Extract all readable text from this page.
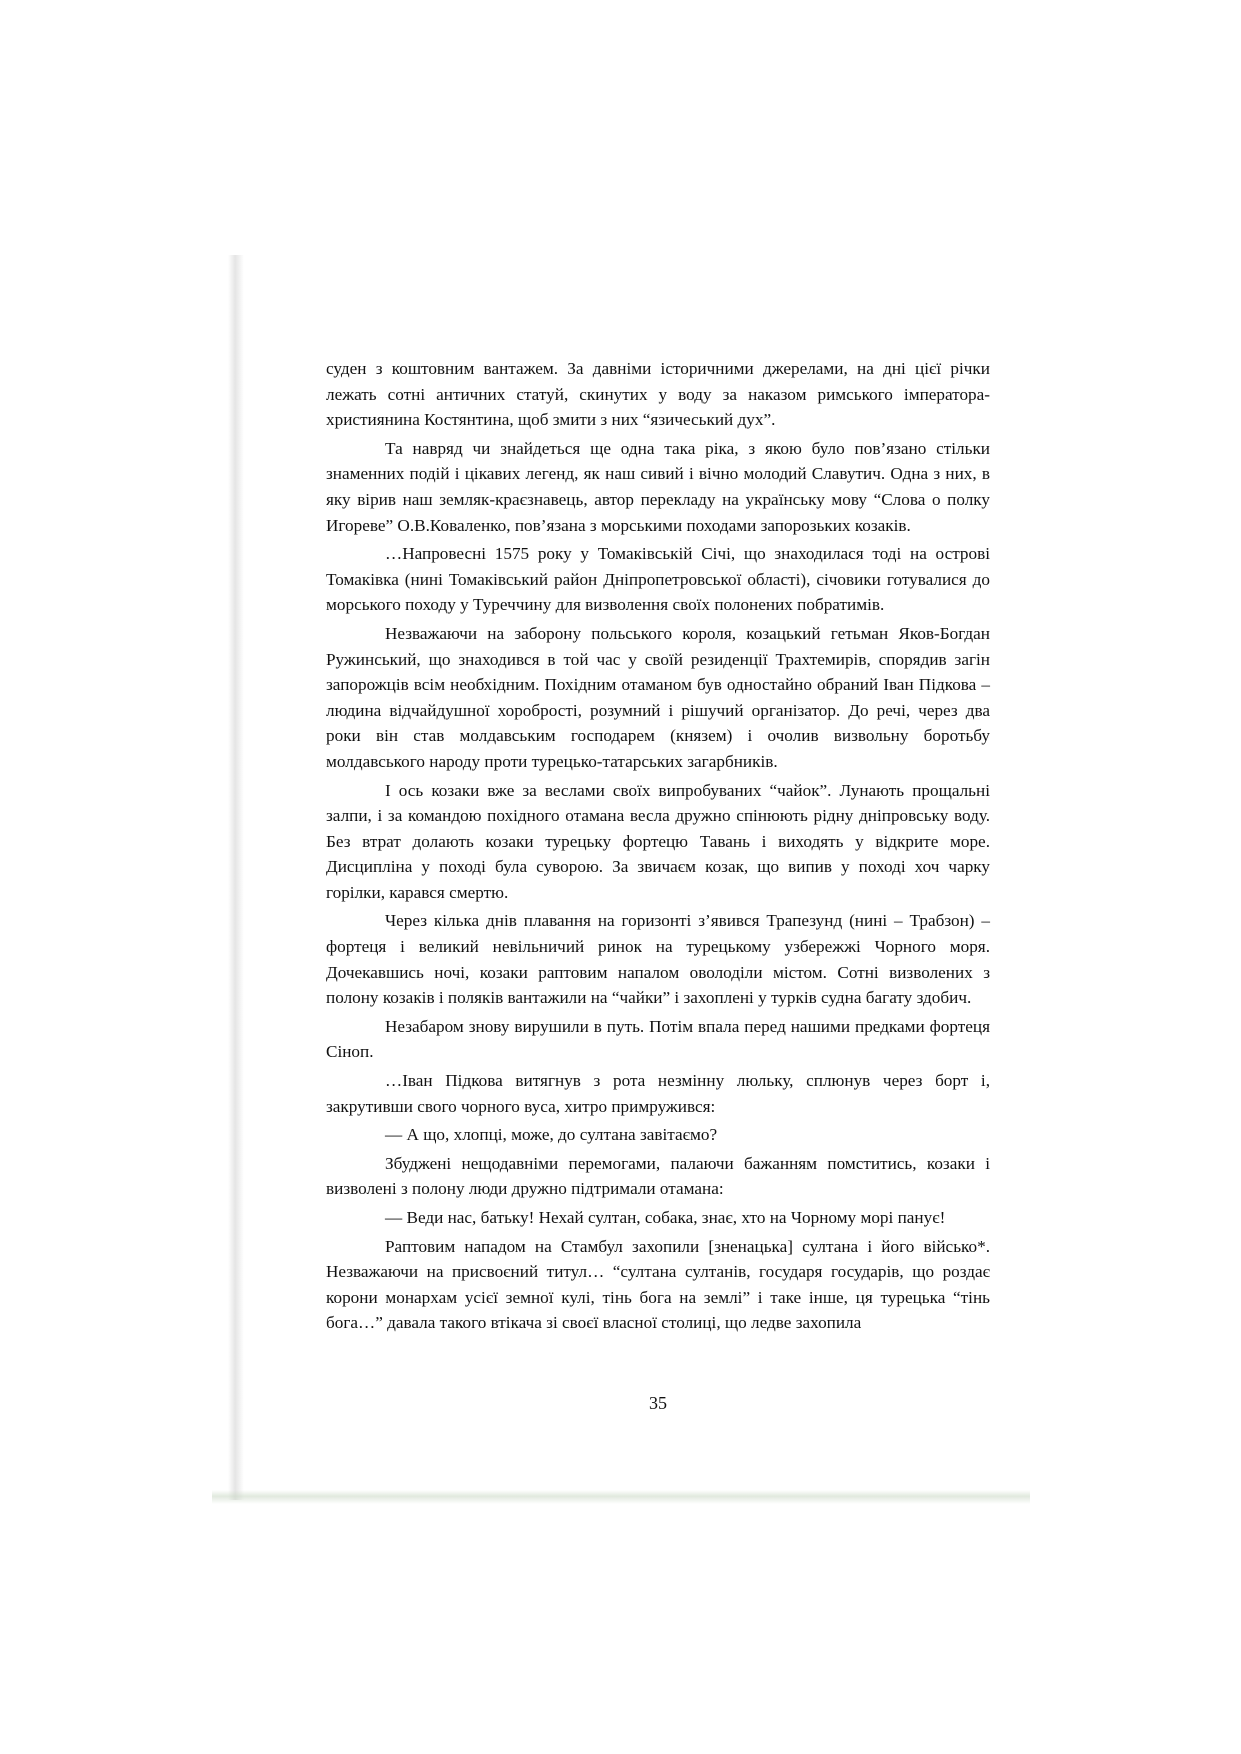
суден з коштовним вантажем. За давніми історичними джерелами, на дні цієї річки лежать сотні античних статуй, скинутих у воду за наказом римського імператора-християнина Костянтина, щоб змити з них “язичеський дух”.

Та навряд чи знайдеться ще одна така ріка, з якою було пов’язано стільки знаменних подій і цікавих легенд, як наш сивий і вічно молодий Славутич. Одна з них, в яку вірив наш земляк-краєзнавець, автор перекладу на українську мову “Слова о полку Игореве” О.В.Коваленко, пов’язана з морськими походами запорозьких козаків.

…Напровесні 1575 року у Томаківській Січі, що знаходилася тоді на острові Томаківка (нині Томаківський район Дніпропетровської області), січовики готувалися до морського походу у Туреччину для визволення своїх полонених побратимів.

Незважаючи на заборону польського короля, козацький гетьман Яков-Богдан Ружинський, що знаходився в той час у своїй резиденції Трахтемирів, спорядив загін запорожців всім необхідним. Похідним отаманом був одностайно обраний Іван Підкова – людина відчайдушної хоробрості, розумний і рішучий організатор. До речі, через два роки він став молдавським господарем (князем) і очолив визвольну боротьбу молдавського народу проти турецько-татарських загарбників.

І ось козаки вже за веслами своїх випробуваних “чайок”. Лунають прощальні залпи, і за командою похідного отамана весла дружно спінюють рідну дніпровську воду. Без втрат долають козаки турецьку фортецю Тавань і виходять у відкрите море. Дисципліна у поході була суворою. За звичаєм козак, що випив у поході хоч чарку горілки, карався смертю.

Через кілька днів плавання на горизонті з’явився Трапезунд (нині – Трабзон) – фортеця і великий невільничий ринок на турецькому узбережжі Чорного моря. Дочекавшись ночі, козаки раптовим напалом оволоділи містом. Сотні визволених з полону козаків і поляків вантажили на “чайки” і захоплені у турків судна багату здобич.

Незабаром знову вирушили в путь. Потім впала перед нашими предками фортеця Сіноп.

…Іван Підкова витягнув з рота незмінну люльку, сплюнув через борт і, закрутивши свого чорного вуса, хитро примружився:

— А що, хлопці, може, до султана завітаємо?

Збуджені нещодавніми перемогами, палаючи бажанням помститись, козаки і визволені з полону люди дружно підтримали отамана:

— Веди нас, батьку! Нехай султан, собака, знає, хто на Чорному морі панує!

Раптовим нападом на Стамбул захопили [зненацька] султана і його військо*. Незважаючи на присвоєний титул… “султана султанів, государя государів, що роздає корони монархам усієї земної кулі, тінь бога на землі” і таке інше, ця турецька “тінь бога…” давала такого втікача зі своєї власної столиці, що ледве захопила

35
